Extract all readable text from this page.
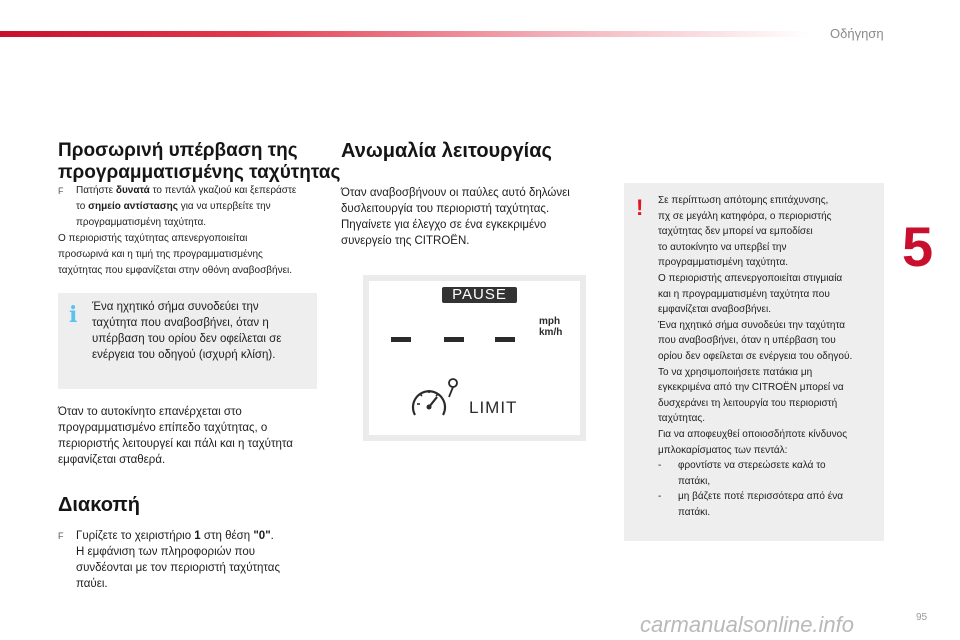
Οδήγηση
5
Προσωρινή υπέρβαση της
προγραμματισμένης ταχύτητας
F	Πατήστε δυνατά το πεντάλ γκαζιού και ξεπεράστε
το σημείο αντίστασης για να υπερβείτε την
προγραμματισμένη ταχύτητα.
Ο περιοριστής ταχύτητας απενεργοποιείται
προσωρινά και η τιμή της προγραμματισμένης
ταχύτητας που εμφανίζεται στην οθόνη αναβοσβήνει.
i Ένα ηχητικό σήμα συνοδεύει την
ταχύτητα που αναβοσβήνει, όταν η
υπέρβαση του ορίου δεν οφείλεται σε
ενέργεια του οδηγού (ισχυρή κλίση).

Όταν το αυτοκίνητο επανέρχεται στο
προγραμματισμένο επίπεδο ταχύτητας, ο
περιοριστής λειτουργεί και πάλι και η ταχύτητα
εμφανίζεται σταθερά.

Διακοπή
F	Γυρίζετε το χειριστήριο 1 στη θέση "0".
Η εμφάνιση των πληροφοριών που
συνδέονται με τον περιοριστή ταχύτητας
παύει.
Ανωμαλία λειτουργίας

Όταν αναβοσβήνουν οι παύλες αυτό δηλώνει
δυσλειτουργία του περιοριστή ταχύτητας.
Πηγαίνετε για έλεγχο σε ένα εγκεκριμένο
συνεργείο της CITROËN.

PAUSE
mph
km/h
LIMIT
! Σε περίπτωση απότομης επιτάχυνσης,
πχ σε μεγάλη κατηφόρα, ο περιοριστής
ταχύτητας δεν μπορεί να εμποδίσει
το αυτοκίνητο να υπερβεί την
προγραμματισμένη ταχύτητα.
Ο περιοριστής απενεργοποιείται στιγμιαία
και η προγραμματισμένη ταχύτητα που
εμφανίζεται αναβοσβήνει.
Ένα ηχητικό σήμα συνοδεύει την ταχύτητα
που αναβοσβήνει, όταν η υπέρβαση του
ορίου δεν οφείλεται σε ενέργεια του οδηγού.
Το να χρησιμοποιήσετε πατάκια μη
εγκεκριμένα από την CITROËN μπορεί να
δυσχεράνει τη λειτουργία του περιοριστή
ταχύτητας.
Για να αποφευχθεί οποιοσδήποτε κίνδυνος
μπλοκαρίσματος των πεντάλ:
-	φροντίστε να στερεώσετε καλά το
πατάκι,
-	μη βάζετε ποτέ περισσότερα από ένα
πατάκι.
carmanualsonline.info	95
